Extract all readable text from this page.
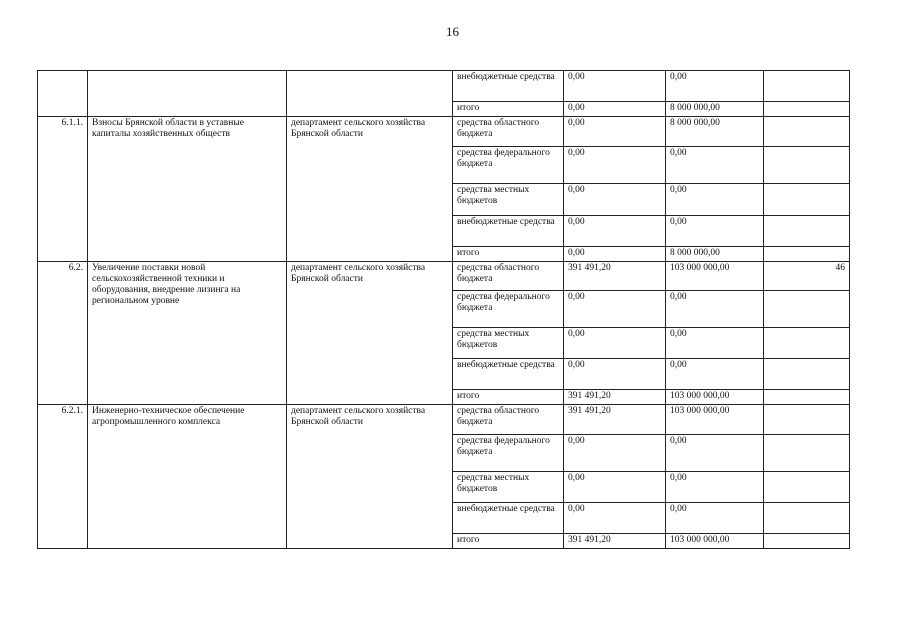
16
			внебюджетные средства	0,00	0,00	
			итого	0,00	8 000 000,00	
6.1.1.	Взносы Брянской области в уставные капиталы хозяйственных обществ	департамент сельского хозяйства Брянской области	средства областного бюджета	0,00	8 000 000,00	
			средства федерального бюджета	0,00	0,00	
			средства местных бюджетов	0,00	0,00	
			внебюджетные средства	0,00	0,00	
			итого	0,00	8 000 000,00	
6.2.	Увеличение поставки новой сельскохозяйственной техники и оборудования, внедрение лизинга на региональном уровне	департамент сельского хозяйства Брянской области	средства областного бюджета	391 491,20	103 000 000,00	46
			средства федерального бюджета	0,00	0,00	
			средства местных бюджетов	0,00	0,00	
			внебюджетные средства	0,00	0,00	
			итого	391 491,20	103 000 000,00	
6.2.1.	Инженерно-техническое обеспечение агропромышленного комплекса	департамент сельского хозяйства Брянской области	средства областного бюджета	391 491,20	103 000 000,00	
			средства федерального бюджета	0,00	0,00	
			средства местных бюджетов	0,00	0,00	
			внебюджетные средства	0,00	0,00	
			итого	391 491,20	103 000 000,00	
